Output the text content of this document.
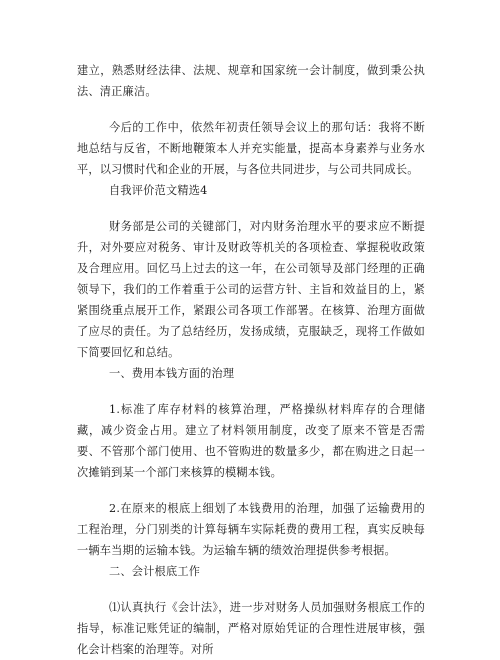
建立，熟悉财经法律、法规、规章和国家统一会计制度，做到秉公执法、清正廉洁。

今后的工作中，依然年初责任领导会议上的那句话：我将不断地总结与反省，不断地鞭策本人并充实能量，提高本身素养与业务水平，以习惯时代和企业的开展，与各位共同进步，与公司共同成长。

自我评价范文精选4

财务部是公司的关键部门，对内财务治理水平的要求应不断提升，对外要应对税务、审计及财政等机关的各项检查、掌握税收政策及合理应用。回忆马上过去的这一年，在公司领导及部门经理的正确领导下，我们的工作着重于公司的运营方针、主旨和效益目的上，紧紧围绕重点展开工作，紧跟公司各项工作部署。在核算、治理方面做了应尽的责任。为了总结经历，发扬成绩，克服缺乏，现将工作做如下简要回忆和总结。

一、费用本钱方面的治理

1.标准了库存材料的核算治理，严格操纵材料库存的合理储藏，减少资金占用。建立了材料领用制度，改变了原来不管是否需要、不管那个部门使用、也不管购进的数量多少，都在购进之日起一次摊销到某一个部门来核算的模糊本钱。

2.在原来的根底上细划了本钱费用的治理，加强了运输费用的工程治理，分门别类的计算每辆车实际耗费的费用工程，真实反映每一辆车当期的运输本钱。为运输车辆的绩效治理提供参考根据。

二、会计根底工作

⑴认真执行《会计法》，进一步对财务人员加强财务根底工作的指导，标准记账凭证的编制，严格对原始凭证的合理性进展审核，强化会计档案的治理等。对所
